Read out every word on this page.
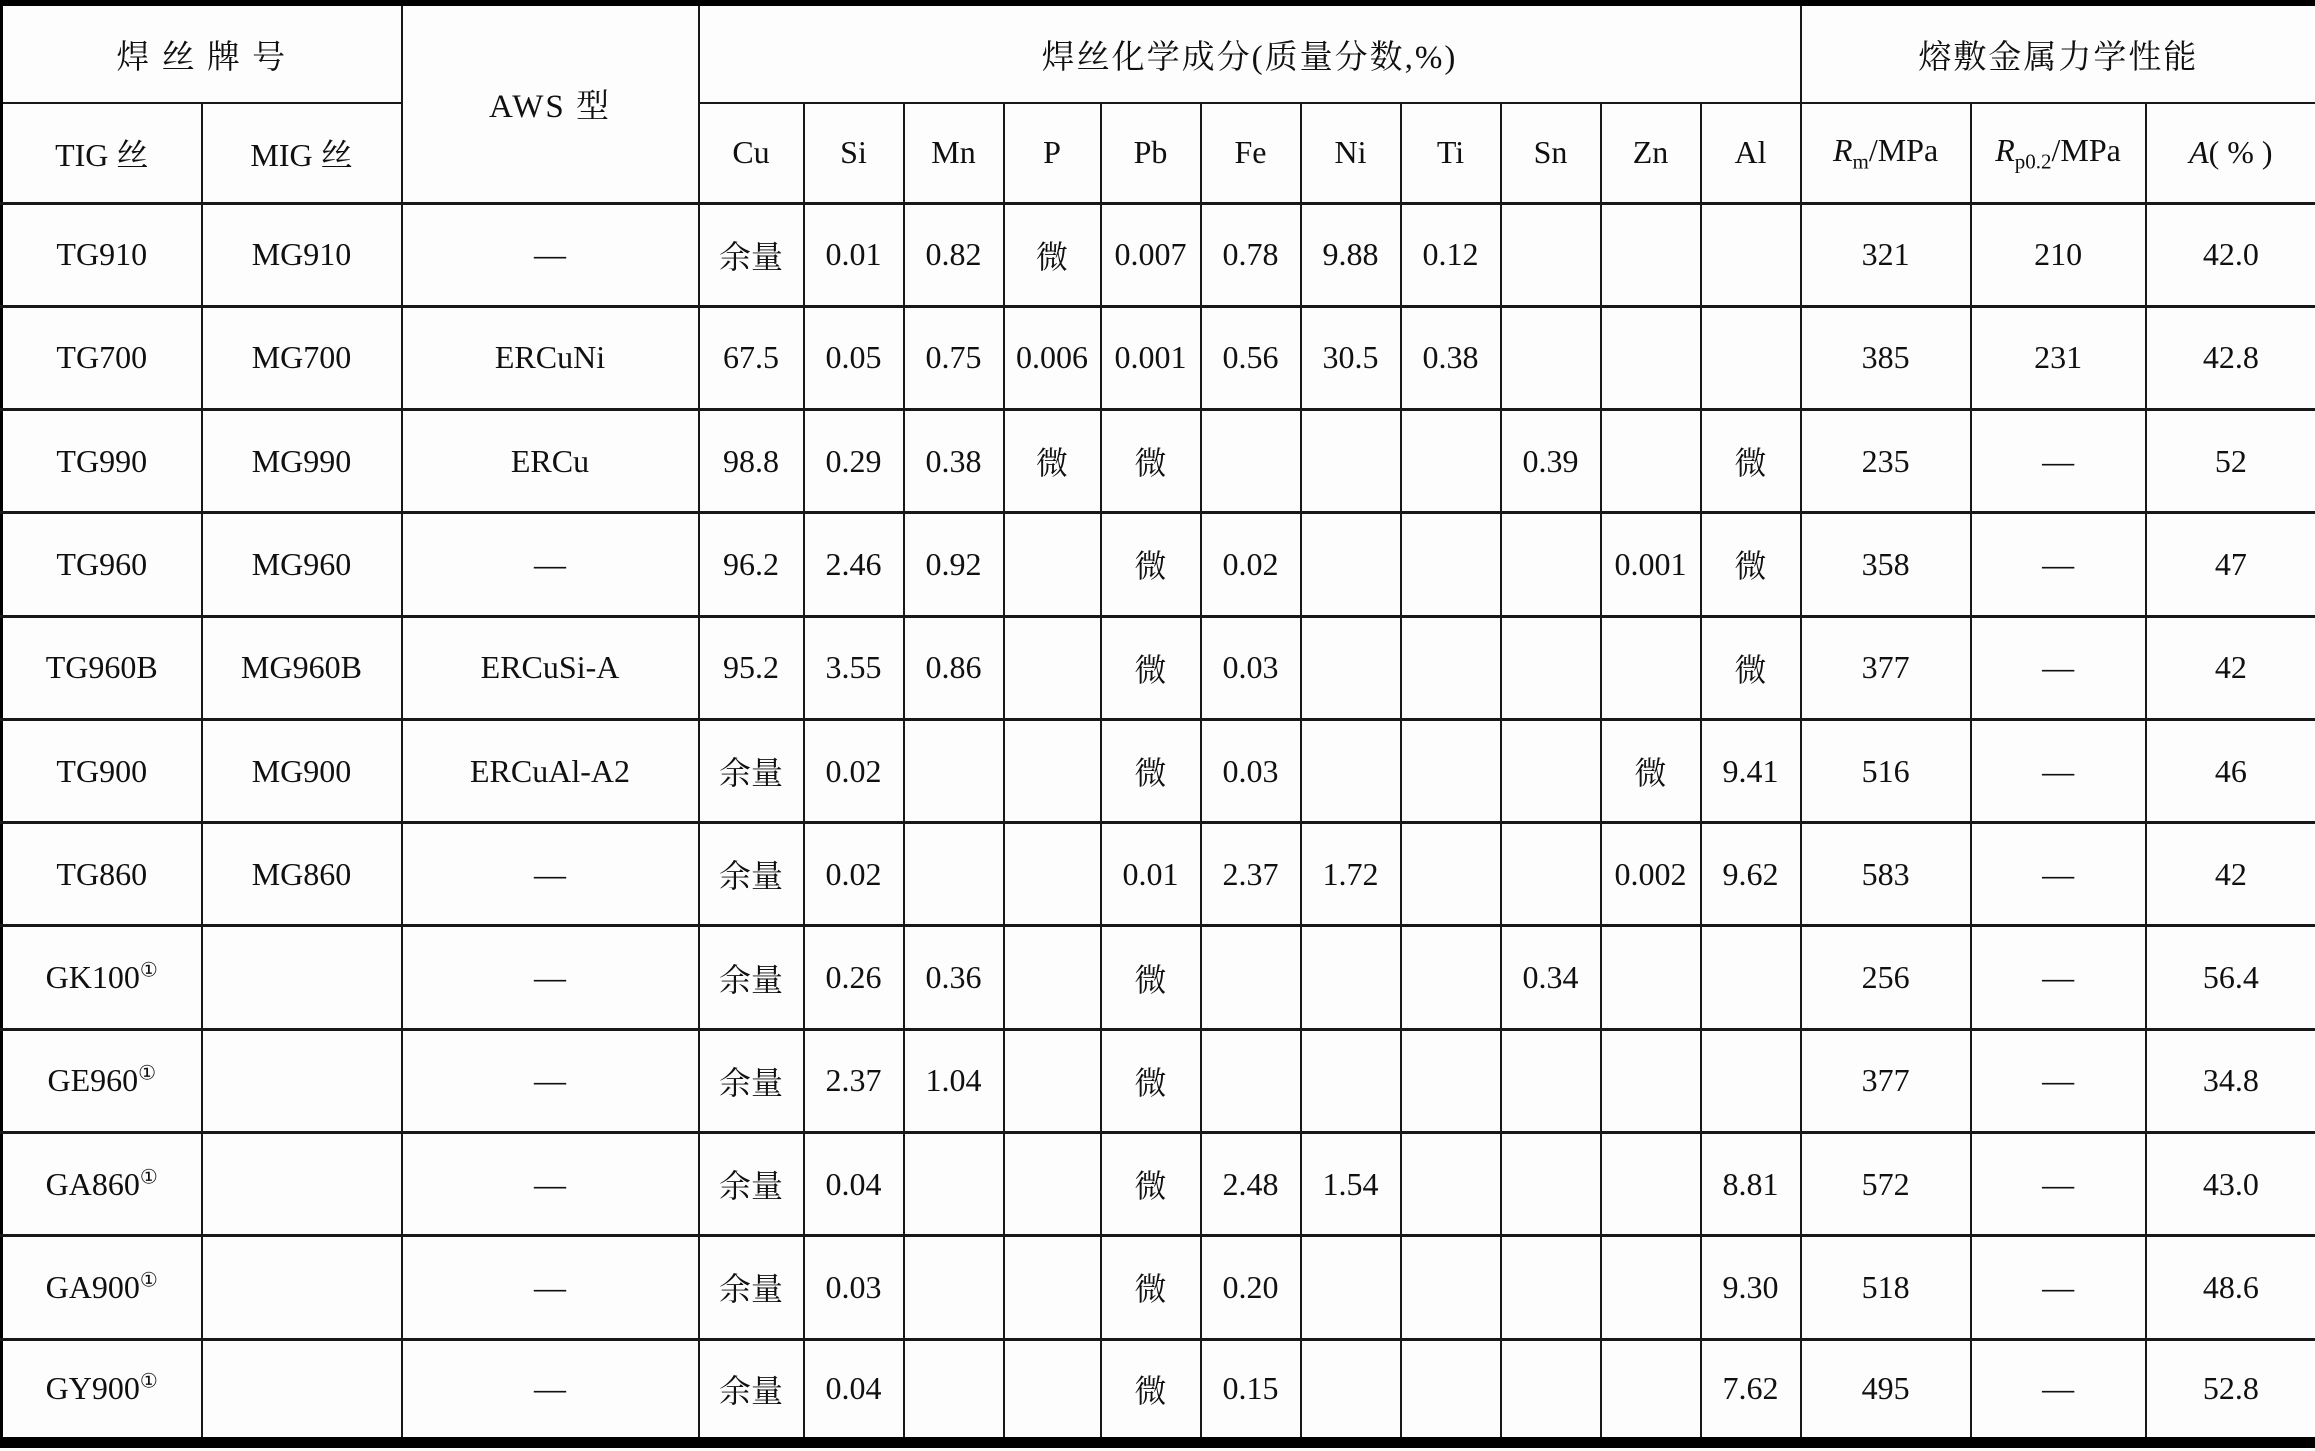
焊 丝 牌 号		AWS 型	焊丝化学成分(质量分数,%)											熔敷金属力学性能		
TIG 丝	MIG 丝		Cu	Si	Mn	P	Pb	Fe	Ni	Ti	Sn	Zn	Al	$R_m$/MPa	$R_{p0.2}$/MPa	A( % )
TG910	MG910	—	余量	0.01	0.82	微	0.007	0.78	9.88	0.12				321	210	42.0
TG700	MG700	ERCuNi	67.5	0.05	0.75	0.006	0.001	0.56	30.5	0.38				385	231	42.8
TG990	MG990	ERCu	98.8	0.29	0.38	微	微				0.39		微	235	—	52
TG960	MG960	—	96.2	2.46	0.92		微	0.02				0.001	微	358	—	47
TG960B	MG960B	ERCuSi-A	95.2	3.55	0.86		微	0.03					微	377	—	42
TG900	MG900	ERCuAl-A2	余量	0.02			微	0.03				微	9.41	516	—	46
TG860	MG860	—	余量	0.02			0.01	2.37	1.72			0.002	9.62	583	—	42
GK100①		—	余量	0.26	0.36		微				0.34			256	—	56.4
GE960①		—	余量	2.37	1.04		微							377	—	34.8
GA860①		—	余量	0.04			微	2.48	1.54				8.81	572	—	43.0
GA900①		—	余量	0.03			微	0.20					9.30	518	—	48.6
GY900①		—	余量	0.04			微	0.15					7.62	495	—	52.8
